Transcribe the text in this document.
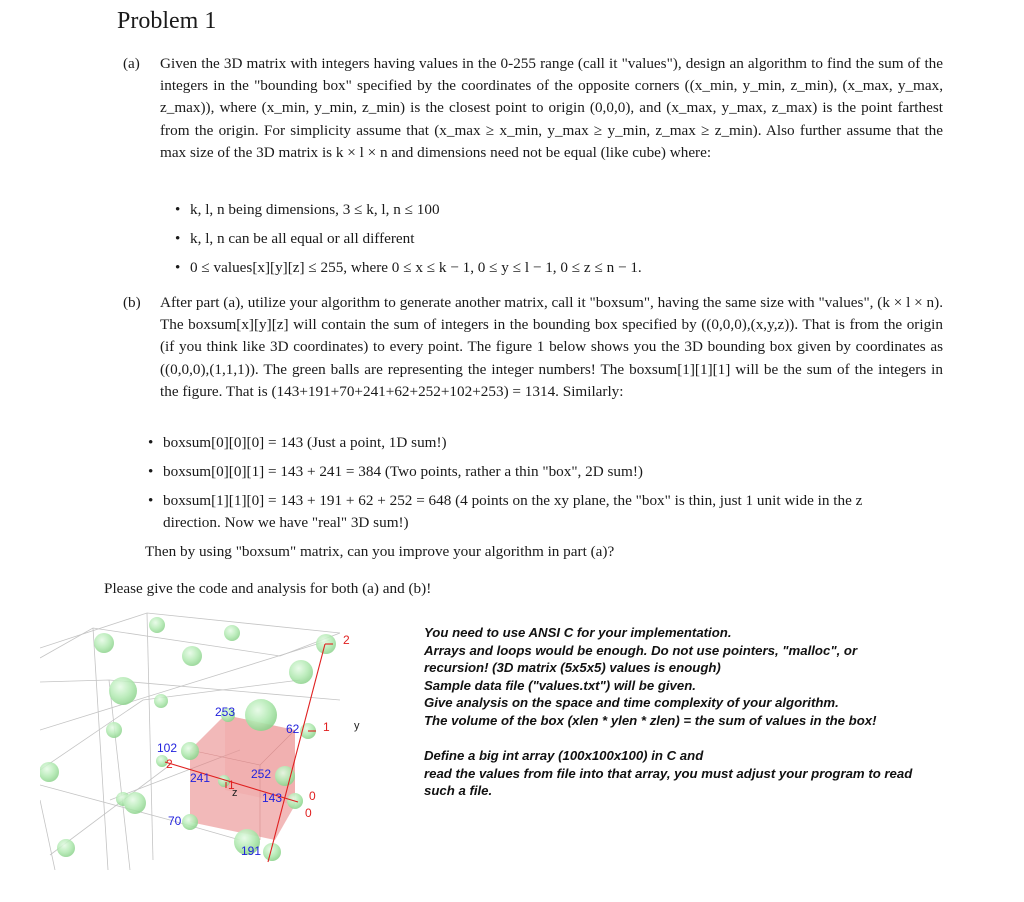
Problem 1
(a) Given the 3D matrix with integers having values in the 0-255 range (call it "values"), design an algorithm to find the sum of the integers in the "bounding box" specified by the coordinates of the opposite corners ((x_min, y_min, z_min), (x_max, y_max, z_max)), where (x_min, y_min, z_min) is the closest point to origin (0,0,0), and (x_max, y_max, z_max) is the point farthest from the origin. For simplicity assume that (x_max ≥ x_min, y_max ≥ y_min, z_max ≥ z_min). Also further assume that the max size of the 3D matrix is k × l × n and dimensions need not be equal (like cube) where:
• k, l, n being dimensions, 3 ≤ k, l, n ≤ 100
• k, l, n can be all equal or all different
• 0 ≤ values[x][y][z] ≤ 255, where 0 ≤ x ≤ k − 1, 0 ≤ y ≤ l − 1, 0 ≤ z ≤ n − 1.
(b) After part (a), utilize your algorithm to generate another matrix, call it "boxsum", having the same size with "values", (k × l × n). The boxsum[x][y][z] will contain the sum of integers in the bounding box specified by ((0,0,0),(x,y,z)). That is from the origin (if you think like 3D coordinates) to every point. The figure 1 below shows you the 3D bounding box given by coordinates as ((0,0,0),(1,1,1)). The green balls are representing the integer numbers! The boxsum[1][1][1] will be the sum of the integers in the figure. That is (143+191+70+241+62+252+102+253) = 1314. Similarly:
• boxsum[0][0][0] = 143 (Just a point, 1D sum!)
• boxsum[0][0][1] = 143 + 241 = 384 (Two points, rather a thin "box", 2D sum!)
• boxsum[1][1][0] = 143 + 191 + 62 + 252 = 648 (4 points on the xy plane, the "box" is thin, just 1 unit wide in the z direction. Now we have "real" 3D sum!)
Then by using "boxsum" matrix, can you improve your algorithm in part (a)?
Please give the code and analysis for both (a) and (b)!
253
62
102
241	252
143
70
191
2
1
0
0
2
1
y
z
You need to use ANSI C for your implementation.
Arrays and loops would be enough. Do not use pointers, "malloc", or
recursion! (3D matrix (5x5x5) values is enough)
Sample data file ("values.txt") will be given.
Give analysis on the space and time complexity of your algorithm.
The volume of the box (xlen * ylen * zlen) = the sum of values in the box!
Define a big int array (100x100x100) in C and
read the values from file into that array, you must adjust your program to read
such a file.
